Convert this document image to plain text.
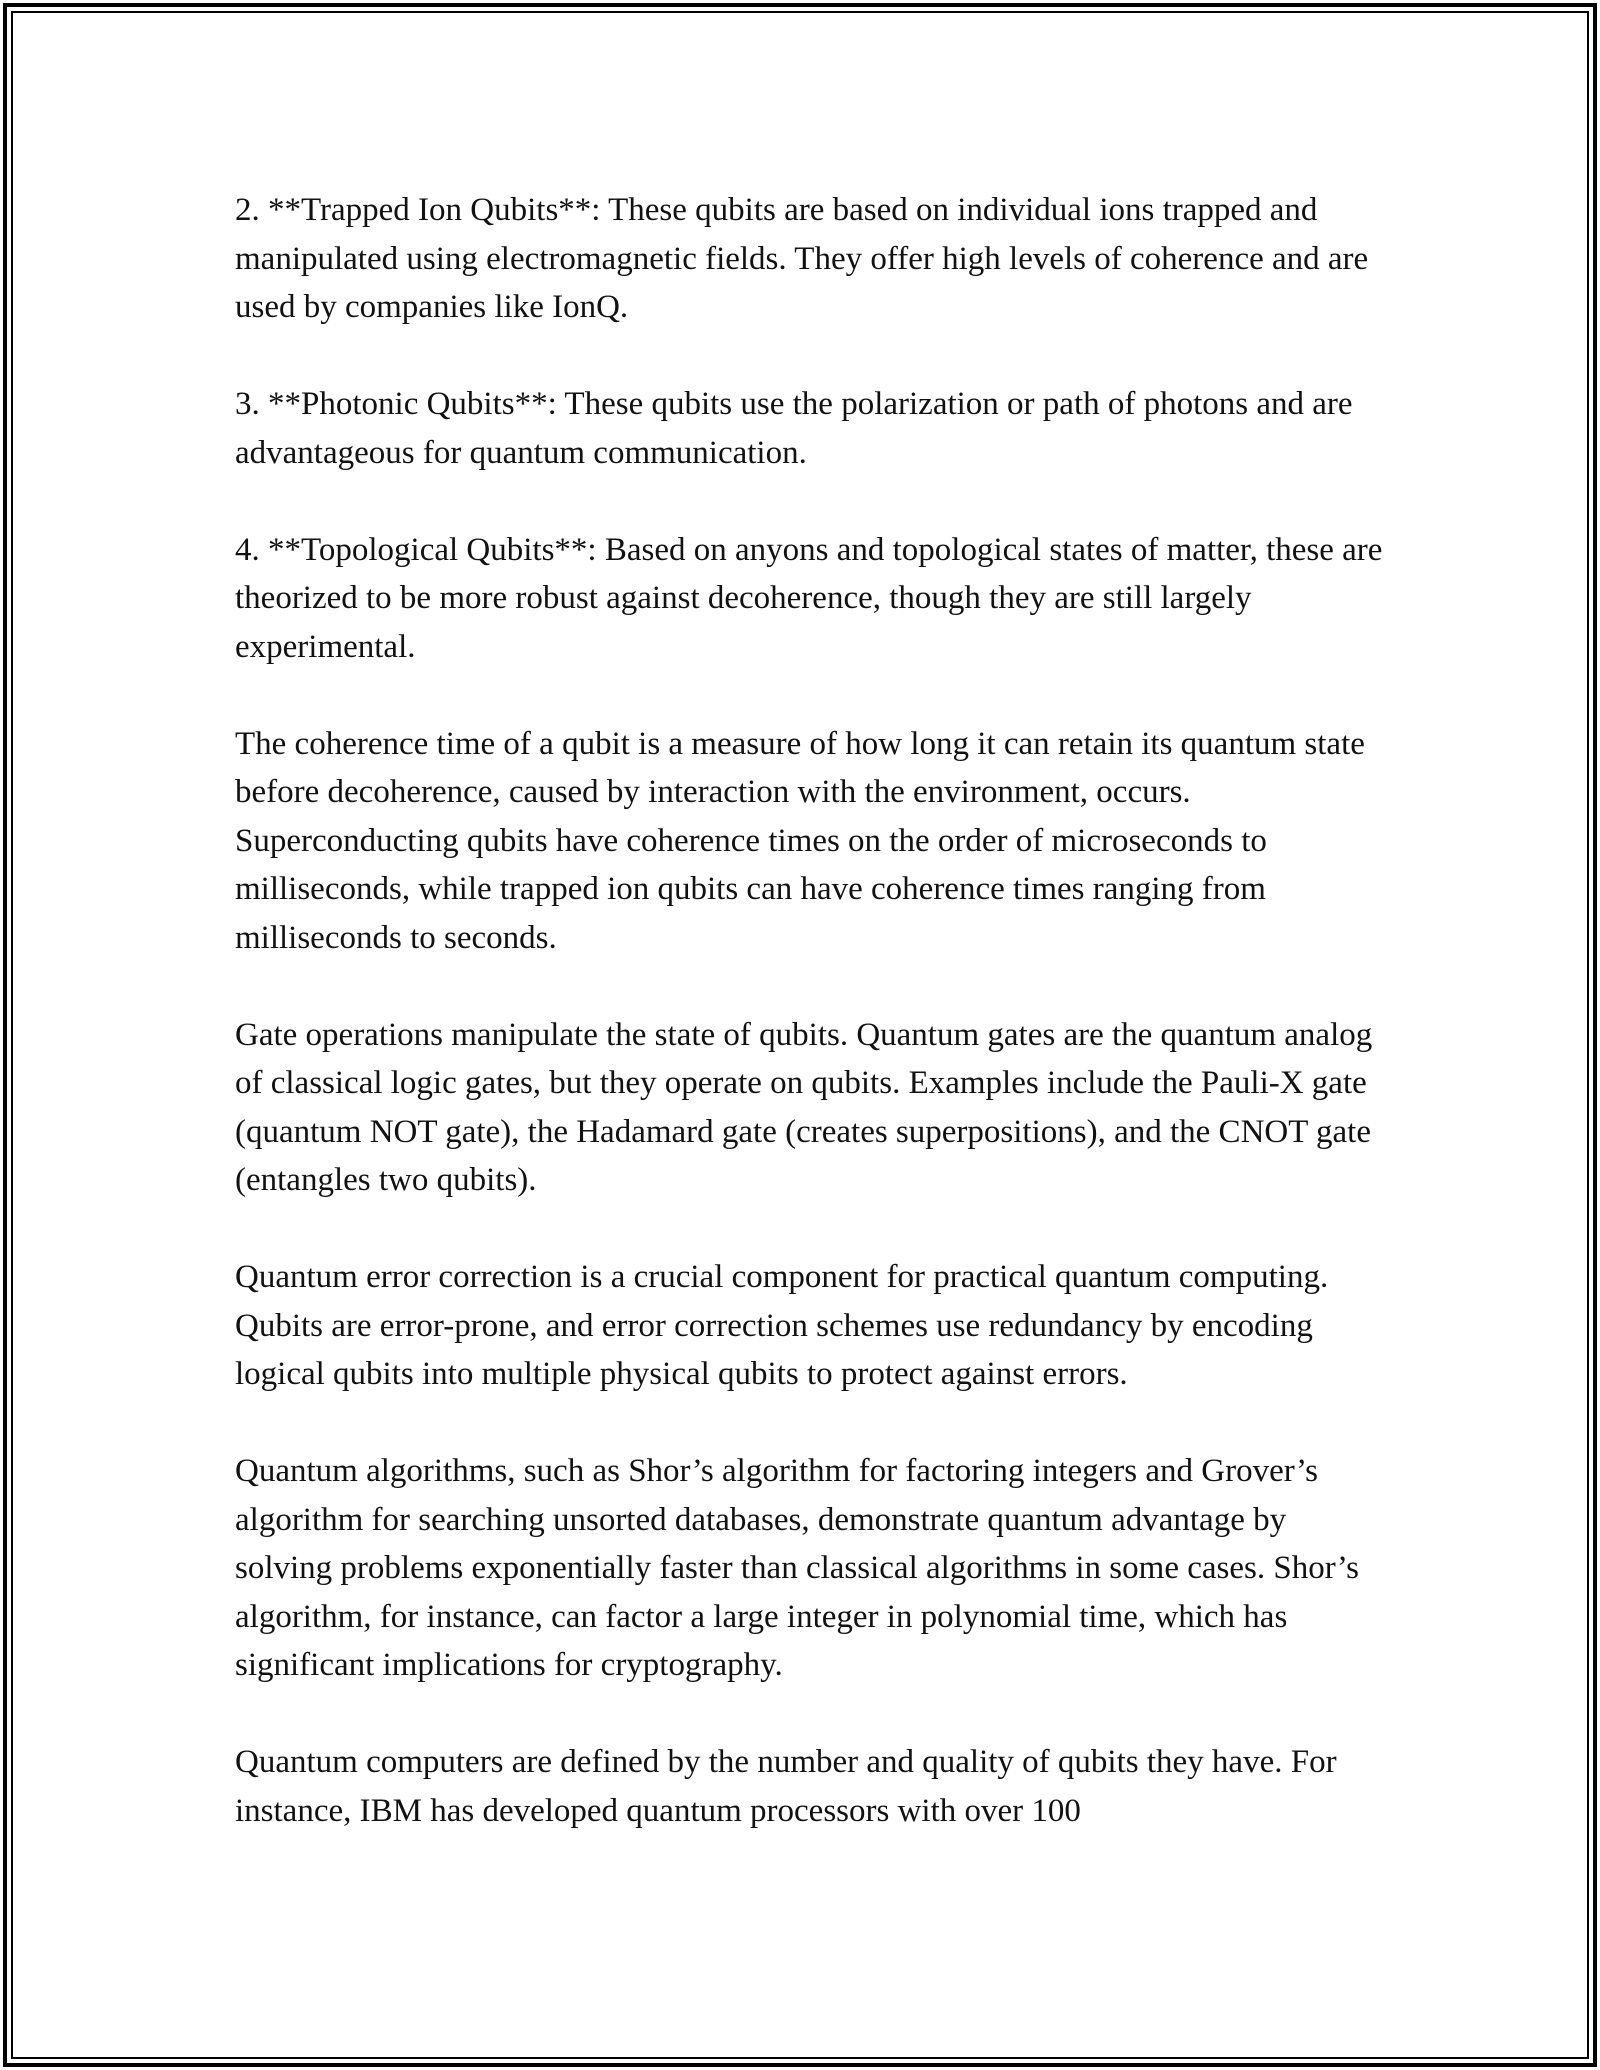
2. **Trapped Ion Qubits**: These qubits are based on individual ions trapped and manipulated using electromagnetic fields. They offer high levels of coherence and are used by companies like IonQ.

3. **Photonic Qubits**: These qubits use the polarization or path of photons and are advantageous for quantum communication.

4. **Topological Qubits**: Based on anyons and topological states of matter, these are theorized to be more robust against decoherence, though they are still largely experimental.

The coherence time of a qubit is a measure of how long it can retain its quantum state before decoherence, caused by interaction with the environment, occurs. Superconducting qubits have coherence times on the order of microseconds to milliseconds, while trapped ion qubits can have coherence times ranging from milliseconds to seconds.

Gate operations manipulate the state of qubits. Quantum gates are the quantum analog of classical logic gates, but they operate on qubits. Examples include the Pauli-X gate (quantum NOT gate), the Hadamard gate (creates superpositions), and the CNOT gate (entangles two qubits).

Quantum error correction is a crucial component for practical quantum computing. Qubits are error-prone, and error correction schemes use redundancy by encoding logical qubits into multiple physical qubits to protect against errors.

Quantum algorithms, such as Shor’s algorithm for factoring integers and Grover’s algorithm for searching unsorted databases, demonstrate quantum advantage by solving problems exponentially faster than classical algorithms in some cases. Shor’s algorithm, for instance, can factor a large integer in polynomial time, which has significant implications for cryptography.

Quantum computers are defined by the number and quality of qubits they have. For instance, IBM has developed quantum processors with over 100
